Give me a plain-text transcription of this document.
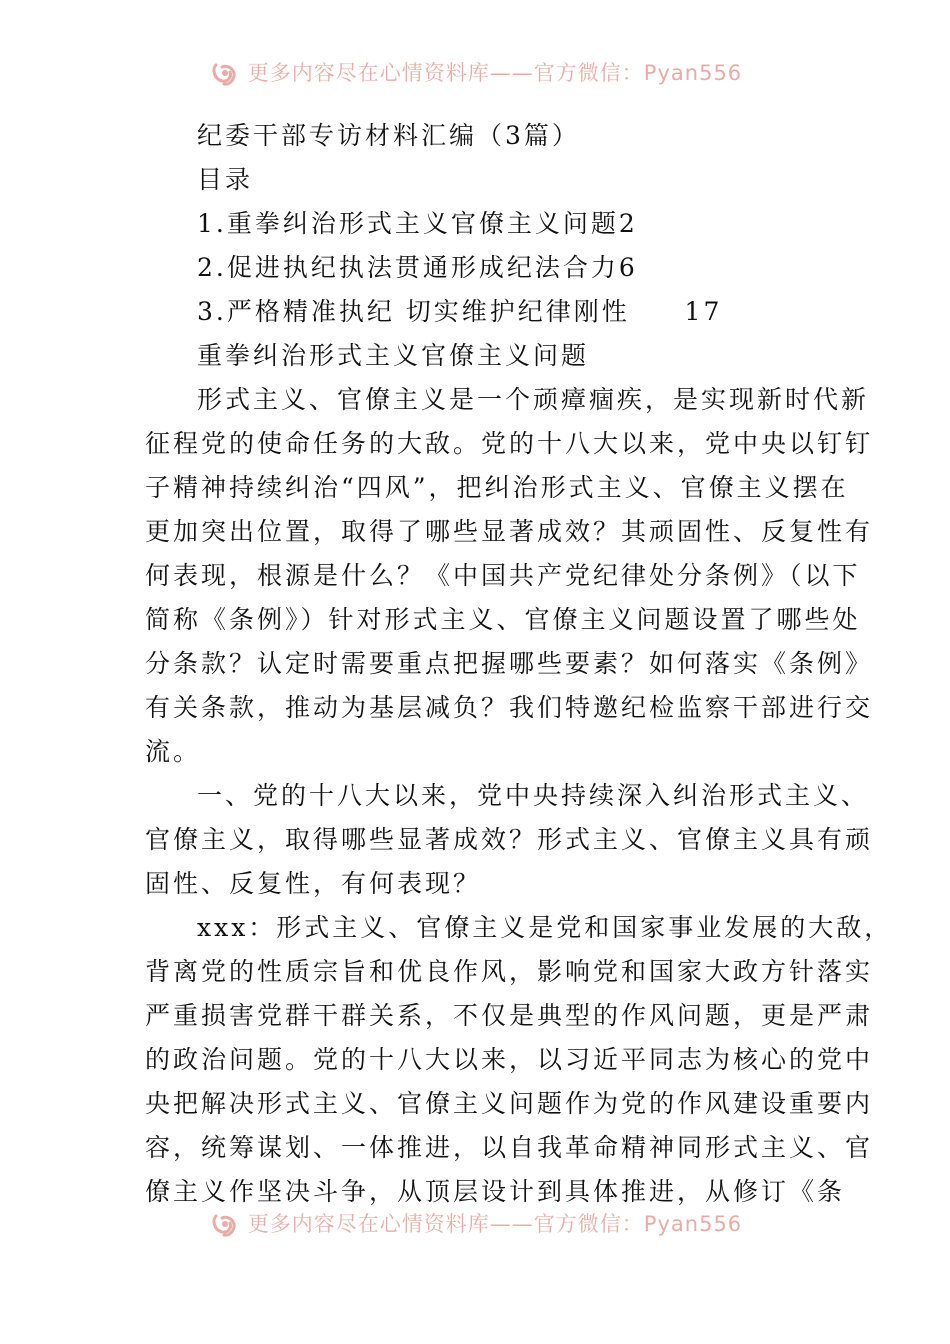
更多内容尽在心情资料库——官方微信：Pyan556
纪委干部专访材料汇编（3篇）
目录
1.重拳纠治形式主义官僚主义问题2
2.促进执纪执法贯通形成纪法合力6
3.严格精准执纪 切实维护纪律刚性     17
重拳纠治形式主义官僚主义问题
形式主义、官僚主义是一个顽瘴痼疾，是实现新时代新
征程党的使命任务的大敌。党的十八大以来，党中央以钉钉
子精神持续纠治“四风”，把纠治形式主义、官僚主义摆在
更加突出位置，取得了哪些显著成效？其顽固性、反复性有
何表现，根源是什么？《中国共产党纪律处分条例》（以下
简称《条例》）针对形式主义、官僚主义问题设置了哪些处
分条款？认定时需要重点把握哪些要素？如何落实《条例》
有关条款，推动为基层减负？我们特邀纪检监察干部进行交
流。
一、党的十八大以来，党中央持续深入纠治形式主义、
官僚主义，取得哪些显著成效？形式主义、官僚主义具有顽
固性、反复性，有何表现？
xxx：形式主义、官僚主义是党和国家事业发展的大敌，
背离党的性质宗旨和优良作风，影响党和国家大政方针落实
严重损害党群干群关系，不仅是典型的作风问题，更是严肃
的政治问题。党的十八大以来，以习近平同志为核心的党中
央把解决形式主义、官僚主义问题作为党的作风建设重要内
容，统筹谋划、一体推进，以自我革命精神同形式主义、官
僚主义作坚决斗争，从顶层设计到具体推进，从修订《条
更多内容尽在心情资料库——官方微信：Pyan556
